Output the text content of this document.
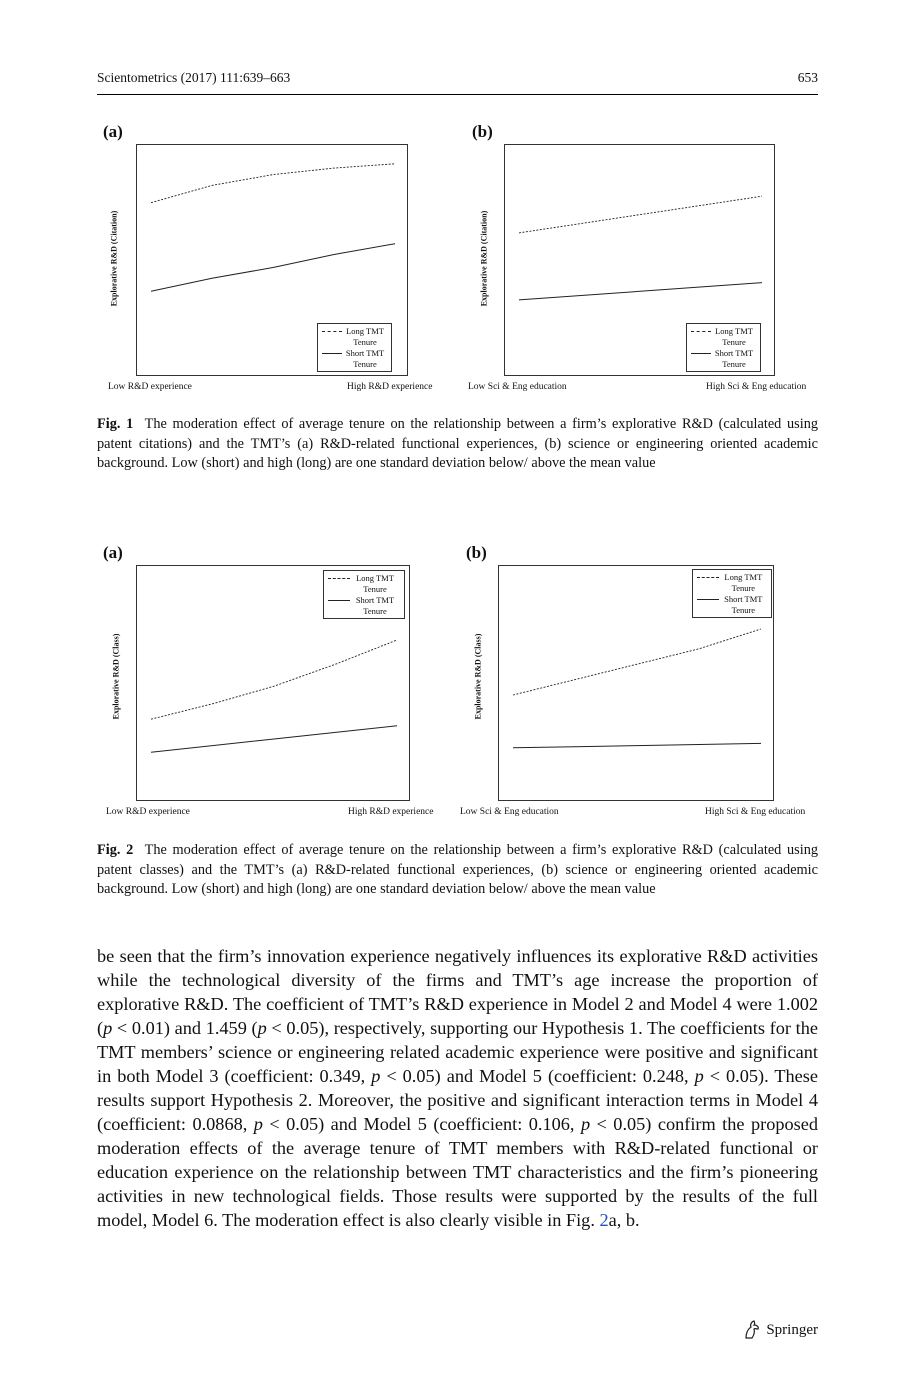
Scientometrics (2017) 111:639–663	653
(a)
Explorative R&D (Citation)
Long TMT Tenure
Short TMT Tenure
Low R&D experience	High R&D experience
(b)
Explorative R&D (Citation)
Long TMT Tenure
Short TMT Tenure
Low Sci & Eng education	High Sci & Eng education
Fig. 1 The moderation effect of average tenure on the relationship between a firm’s explorative R&D (calculated using patent citations) and the TMT’s (a) R&D-related functional experiences, (b) science or engineering oriented academic background. Low (short) and high (long) are one standard deviation below/ above the mean value
(a)
Explorative R&D (Class)
Long TMT Tenure
Short TMT Tenure
Low R&D experience	High R&D experience
(b)
Explorative R&D (Class)
Long TMT Tenure
Short TMT Tenure
Low Sci & Eng education	High Sci & Eng education
Fig. 2 The moderation effect of average tenure on the relationship between a firm’s explorative R&D (calculated using patent classes) and the TMT’s (a) R&D-related functional experiences, (b) science or engineering oriented academic background. Low (short) and high (long) are one standard deviation below/ above the mean value
be seen that the firm’s innovation experience negatively influences its explorative R&D activities while the technological diversity of the firms and TMT’s age increase the proportion of explorative R&D. The coefficient of TMT’s R&D experience in Model 2 and Model 4 were 1.002 (p < 0.01) and 1.459 (p < 0.05), respectively, supporting our Hypothesis 1. The coefficients for the TMT members’ science or engineering related academic experience were positive and significant in both Model 3 (coefficient: 0.349, p < 0.05) and Model 5 (coefficient: 0.248, p < 0.05). These results support Hypothesis 2. Moreover, the positive and significant interaction terms in Model 4 (coefficient: 0.0868, p < 0.05) and Model 5 (coefficient: 0.106, p < 0.05) confirm the proposed moderation effects of the average tenure of TMT members with R&D-related functional or education experience on the relationship between TMT characteristics and the firm’s pioneering activities in new technological fields. Those results were supported by the results of the full model, Model 6. The moderation effect is also clearly visible in Fig. 2a, b.
Springer
